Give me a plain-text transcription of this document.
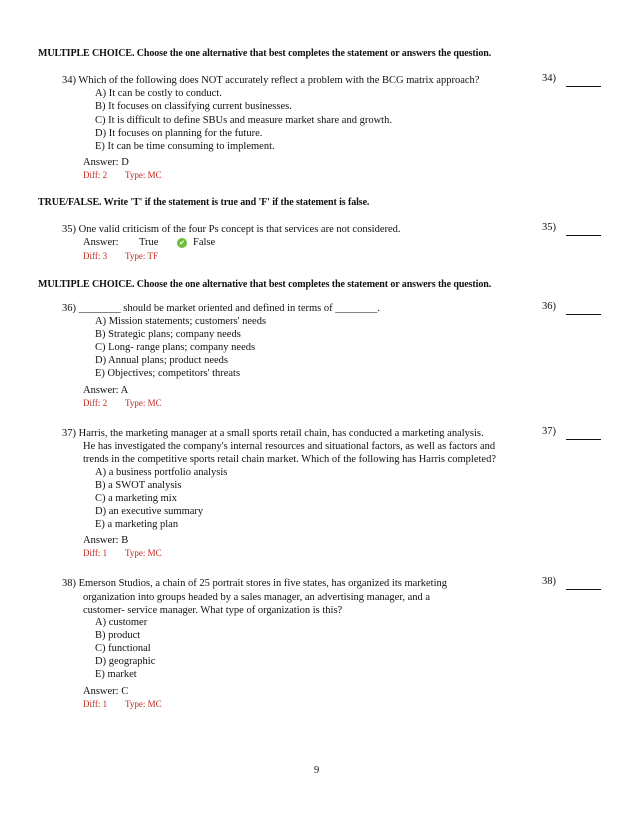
MULTIPLE CHOICE. Choose the one alternative that best completes the statement or answers the question.
34) Which of the following does NOT accurately reflect a problem with the BCG matrix approach?	34)
A) It can be costly to conduct.
B) It focuses on classifying current businesses.
C) It is difficult to define SBUs and measure market share and growth.
D) It focuses on planning for the future.
E) It can be time consuming to implement.
Answer: D
Diff: 2 Type: MC
TRUE/FALSE. Write 'T' if the statement is true and 'F' if the statement is false.
35) One valid criticism of the four Ps concept is that services are not considered.	35)
Answer: True	✔ False
Diff: 3 Type: TF
MULTIPLE CHOICE. Choose the one alternative that best completes the statement or answers the question.
36) ________ should be market oriented and defined in terms of ________.	36)
A) Mission statements; customers' needs
B) Strategic plans; company needs
C) Long- range plans; company needs
D) Annual plans; product needs
E) Objectives; competitors' threats
Answer: A
Diff: 2 Type: MC
37) Harris, the marketing manager at a small sports retail chain, has conducted a marketing analysis.
He has investigated the company's internal resources and situational factors, as well as factors and
trends in the competitive sports retail chain market. Which of the following has Harris completed?
37)
A) a business portfolio analysis
B) a SWOT analysis
C) a marketing mix
D) an executive summary
E) a marketing plan
Answer: B
Diff: 1 Type: MC
38) Emerson Studios, a chain of 25 portrait stores in five states, has organized its marketing
organization into groups headed by a sales manager, an advertising manager, and a
customer- service manager. What type of organization is this?
38)
A) customer
B) product
C) functional
D) geographic
E) market
Answer: C
Diff: 1 Type: MC
9
